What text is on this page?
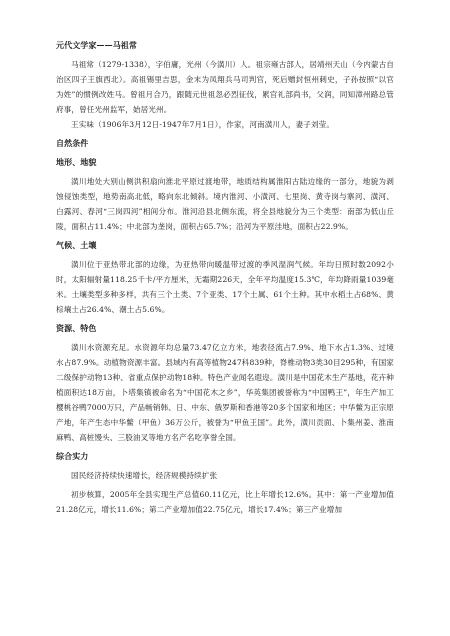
元代文学家——马祖常

马祖常（1279-1338），字伯庸，光州（今潢川）人。祖宗雍古部人，居靖州天山（今内蒙古自治区四子王旗西北）。高祖锡里吉思，金末为凤翔兵马司判官，死后赠封恒州刺史，子孙按照“以官为姓”的惯例改姓马。曾祖月合乃，跟随元世祖忽必烈征伐，累官礼部尚书，父润，同知漳州路总管府事，曾任光州监军，始居光州。

王实味（1906年3月12日-1947年7月1日），作家，河南潢川人，妻子刘莹。

自然条件

地形、地貌

潢川地处大别山侧洪积扇向淮北平原过渡地带，地质结构属淮阳古陆边缘的一部分，地貌为剥蚀侵蚀类型，地势南高北低，略向东北倾斜。境内淮河、小潢河、七里岗、黄寺岗与寨河、潢河、白露河、春河“三岗四河”相间分布。淮河沿县北侧东流，将全县地貌分为三个类型：南部为低山丘陵，面积占11.4%；中北部为垄岗，面积占65.7%；沿河为平原洼地，面积占22.9%。

气候、土壤

潢川位于亚热带北部的边缘，为亚热带向暖温带过渡的季风湿润气候。年均日照时数2092小时，太阳辐射量118.25千卡/平方厘米，无霜期226天，全年平均温度15.3℃，年均降雨量1039毫米。土壤类型多种多样，共有三个土类、7个亚类、17个土属、61个土种。其中水稻土占68%、黄棕壤土占26.4%、潮土占5.6%。

资源、特色

潢川水资源充足。水资源年均总量73.47亿立方米，地表径流占7.9%、地下水占1.3%、过境水占87.9%。动植物资源丰富。县域内有高等植物247科839种，脊椎动物3类30目295种，有国家二级保护动物13种、省重点保护动物18种。特色产业闻名遐迩。潢川是中国花木生产基地，花卉种植面积达18万亩，卜塔集镇被命名为“中国花木之乡”，华英集团被誉称为“中国鸭王”，年生产加工樱桃谷鸭7000万只，产品畅销韩、日、中东、俄罗斯和香港等20多个国家和地区；中华鳖为正宗原产地，年产生态中华鳖（甲鱼）36万公斤，被誉为“甲鱼王国”。此外，潢川贡面、卜集州姜、淮南麻鸭、高桩馒头、三股油叉等地方名产名吃享誉全国。

综合实力

国民经济持续快速增长，经济规模持续扩张

初步核算，2005年全县实现生产总值60.11亿元，比上年增长12.6%。其中：第一产业增加值21.28亿元，增长11.6%；第二产业增加值22.75亿元，增长17.4%；第三产业增加
